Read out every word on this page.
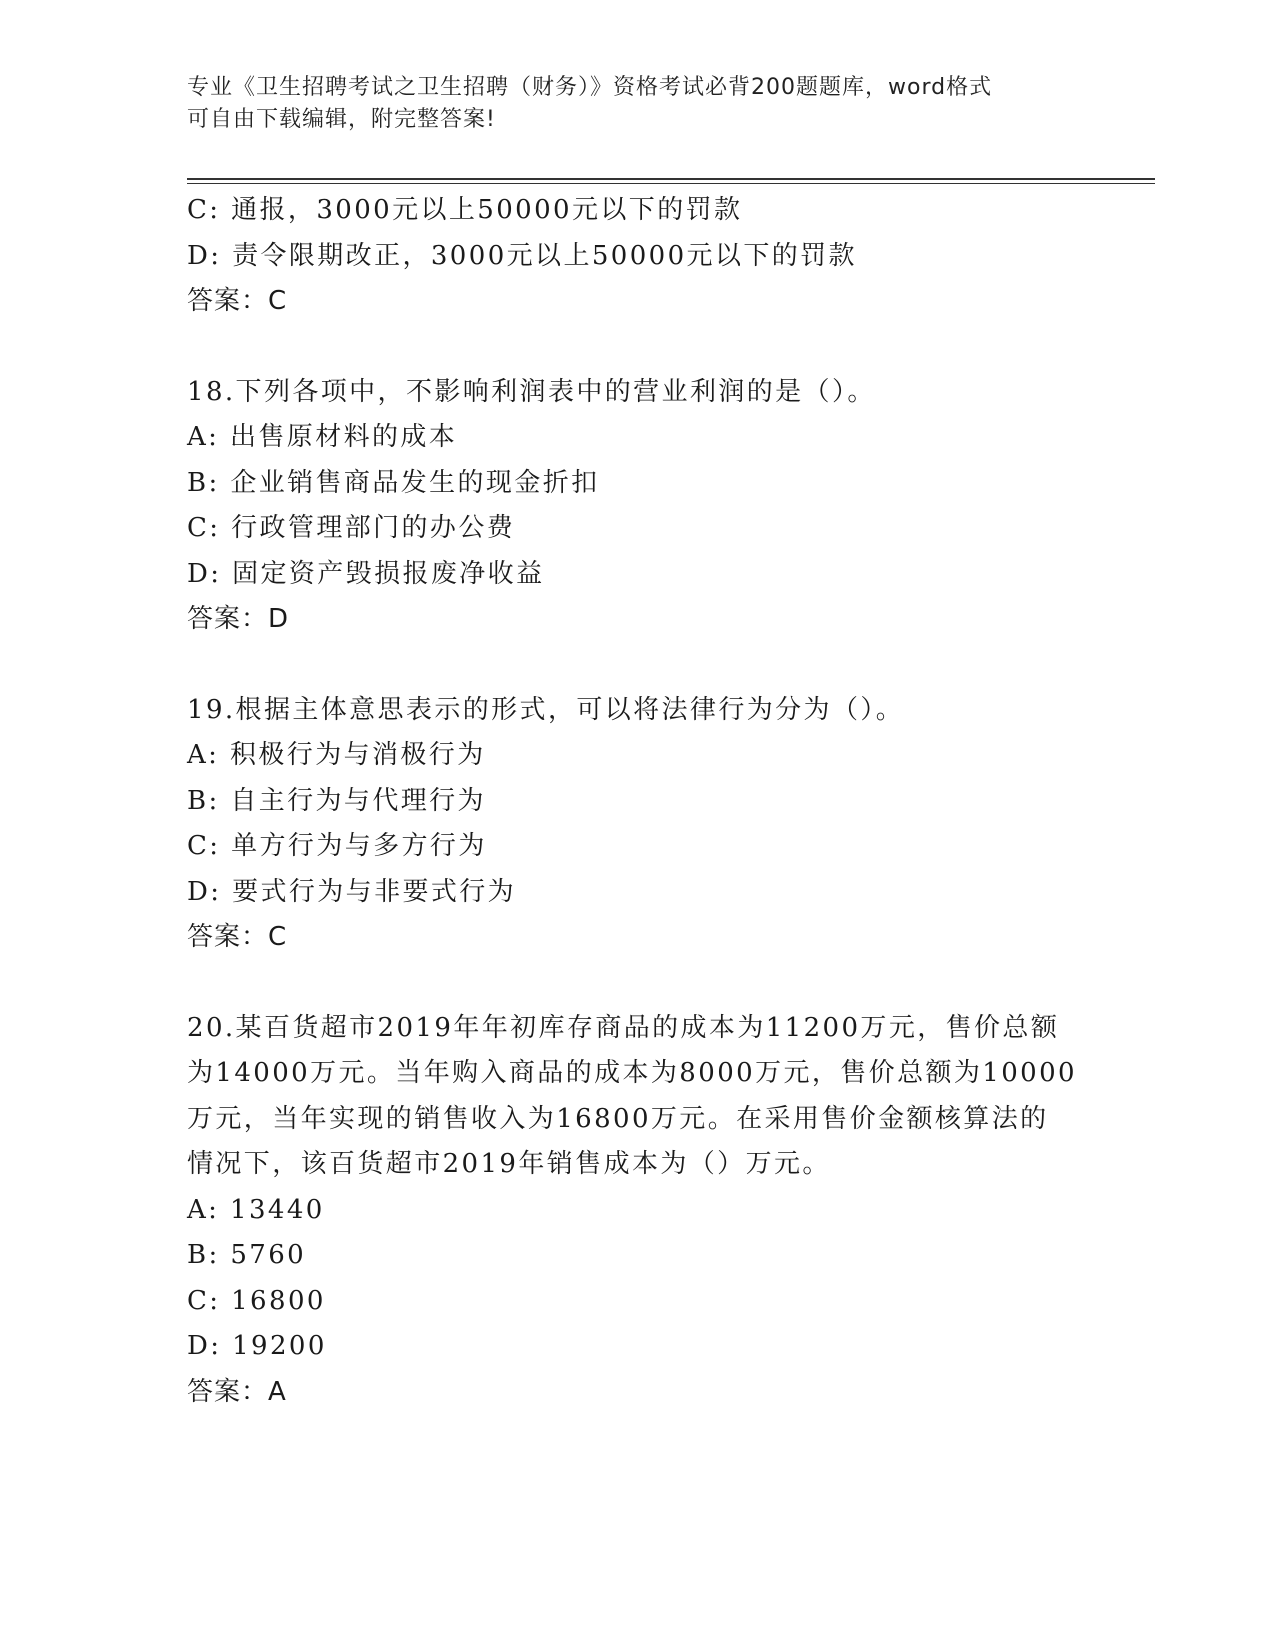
专业《卫生招聘考试之卫生招聘（财务）》资格考试必背200题题库，word格式
可自由下载编辑，附完整答案!
C: 通报，3000元以上50000元以下的罚款
D: 责令限期改正，3000元以上50000元以下的罚款
答案：C
18.下列各项中，不影响利润表中的营业利润的是（）。
A: 出售原材料的成本
B: 企业销售商品发生的现金折扣
C: 行政管理部门的办公费
D: 固定资产毁损报废净收益
答案：D
19.根据主体意思表示的形式，可以将法律行为分为（）。
A: 积极行为与消极行为
B: 自主行为与代理行为
C: 单方行为与多方行为
D: 要式行为与非要式行为
答案：C
20.某百货超市2019年年初库存商品的成本为11200万元，售价总额
为14000万元。当年购入商品的成本为8000万元，售价总额为10000
万元，当年实现的销售收入为16800万元。在采用售价金额核算法的
情况下，该百货超市2019年销售成本为（）万元。
A: 13440
B: 5760
C: 16800
D: 19200
答案：A
